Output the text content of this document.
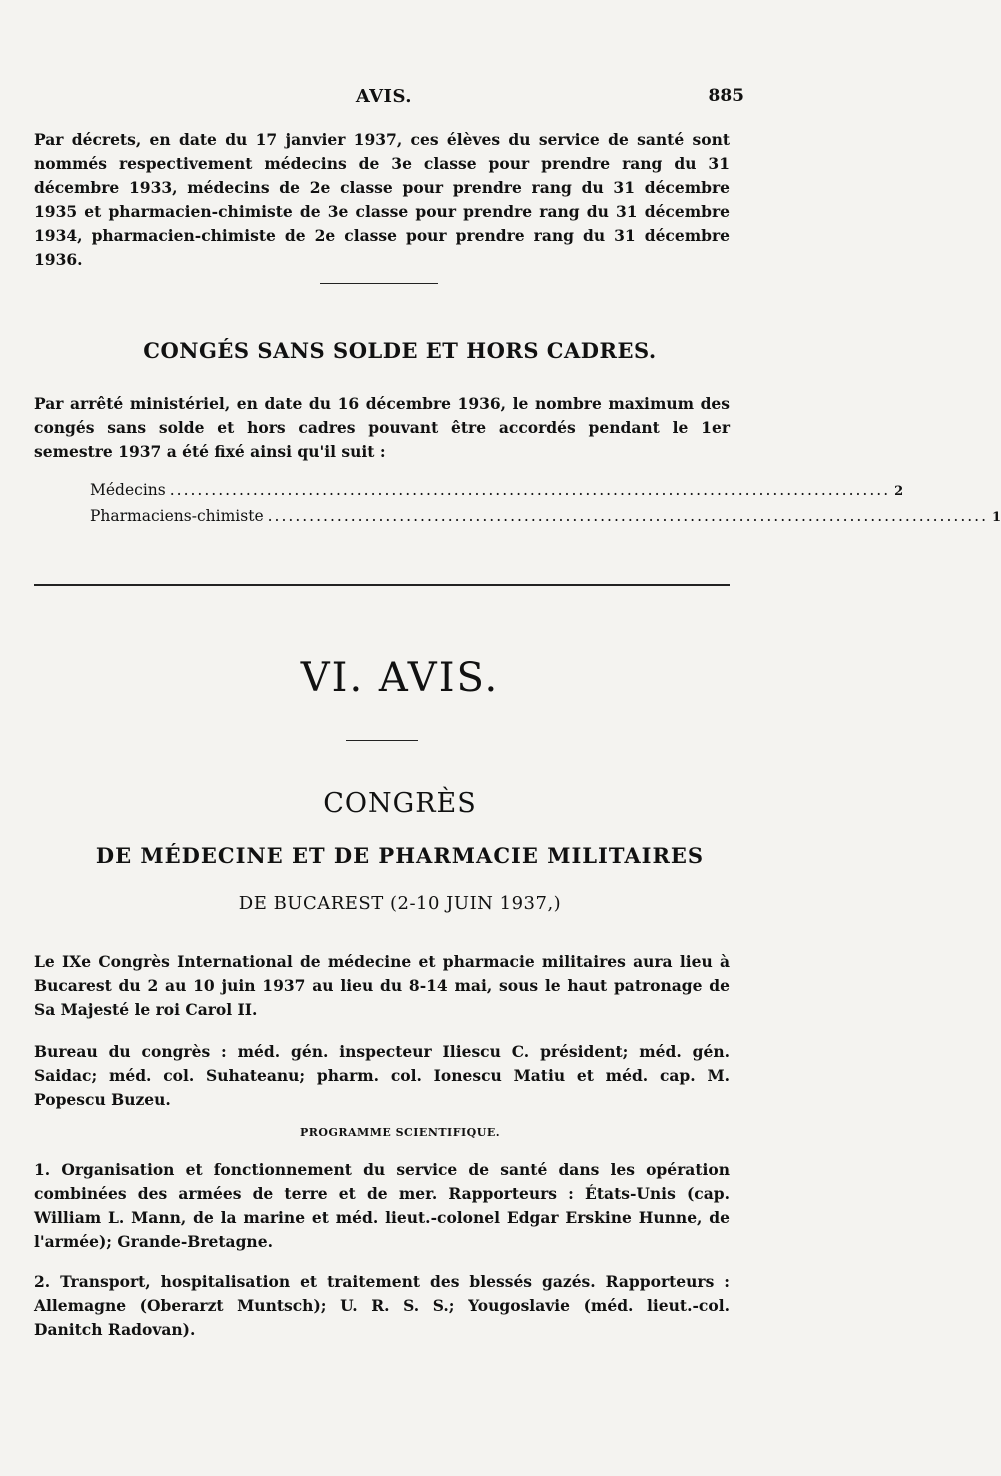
AVIS.	885
Par décrets, en date du 17 janvier 1937, ces élèves du service de santé sont nommés respectivement médecins de 3e classe pour prendre rang du 31 décembre 1933, médecins de 2e classe pour prendre rang du 31 décembre 1935 et pharmacien-chimiste de 3e classe pour prendre rang du 31 décembre 1934, pharmacien-chimiste de 2e classe pour prendre rang du 31 décembre 1936.
CONGÉS SANS SOLDE ET HORS CADRES.
Par arrêté ministériel, en date du 16 décembre 1936, le nombre maximum des congés sans solde et hors cadres pouvant être accordés pendant le 1er semestre 1937 a été fixé ainsi qu'il suit :
Médecins ........................................................................................................ 2
Pharmaciens-chimiste ........................................................................................................ 1
VI. AVIS.
CONGRÈS
DE MÉDECINE ET DE PHARMACIE MILITAIRES
DE BUCAREST (2-10 JUIN 1937,)
Le IXe Congrès International de médecine et pharmacie militaires aura lieu à Bucarest du 2 au 10 juin 1937 au lieu du 8-14 mai, sous le haut patronage de Sa Majesté le roi Carol II.
Bureau du congrès : méd. gén. inspecteur Iliescu C. président; méd. gén. Saidac; méd. col. Suhateanu; pharm. col. Ionescu Matiu et méd. cap. M. Popescu Buzeu.
PROGRAMME SCIENTIFIQUE.
1. Organisation et fonctionnement du service de santé dans les opération combinées des armées de terre et de mer. Rapporteurs : États-Unis (cap. William L. Mann, de la marine et méd. lieut.-colonel Edgar Erskine Hunne, de l'armée); Grande-Bretagne.
2. Transport, hospitalisation et traitement des blessés gazés. Rapporteurs : Allemagne (Oberarzt Muntsch); U. R. S. S.; Yougoslavie (méd. lieut.-col. Danitch Radovan).
